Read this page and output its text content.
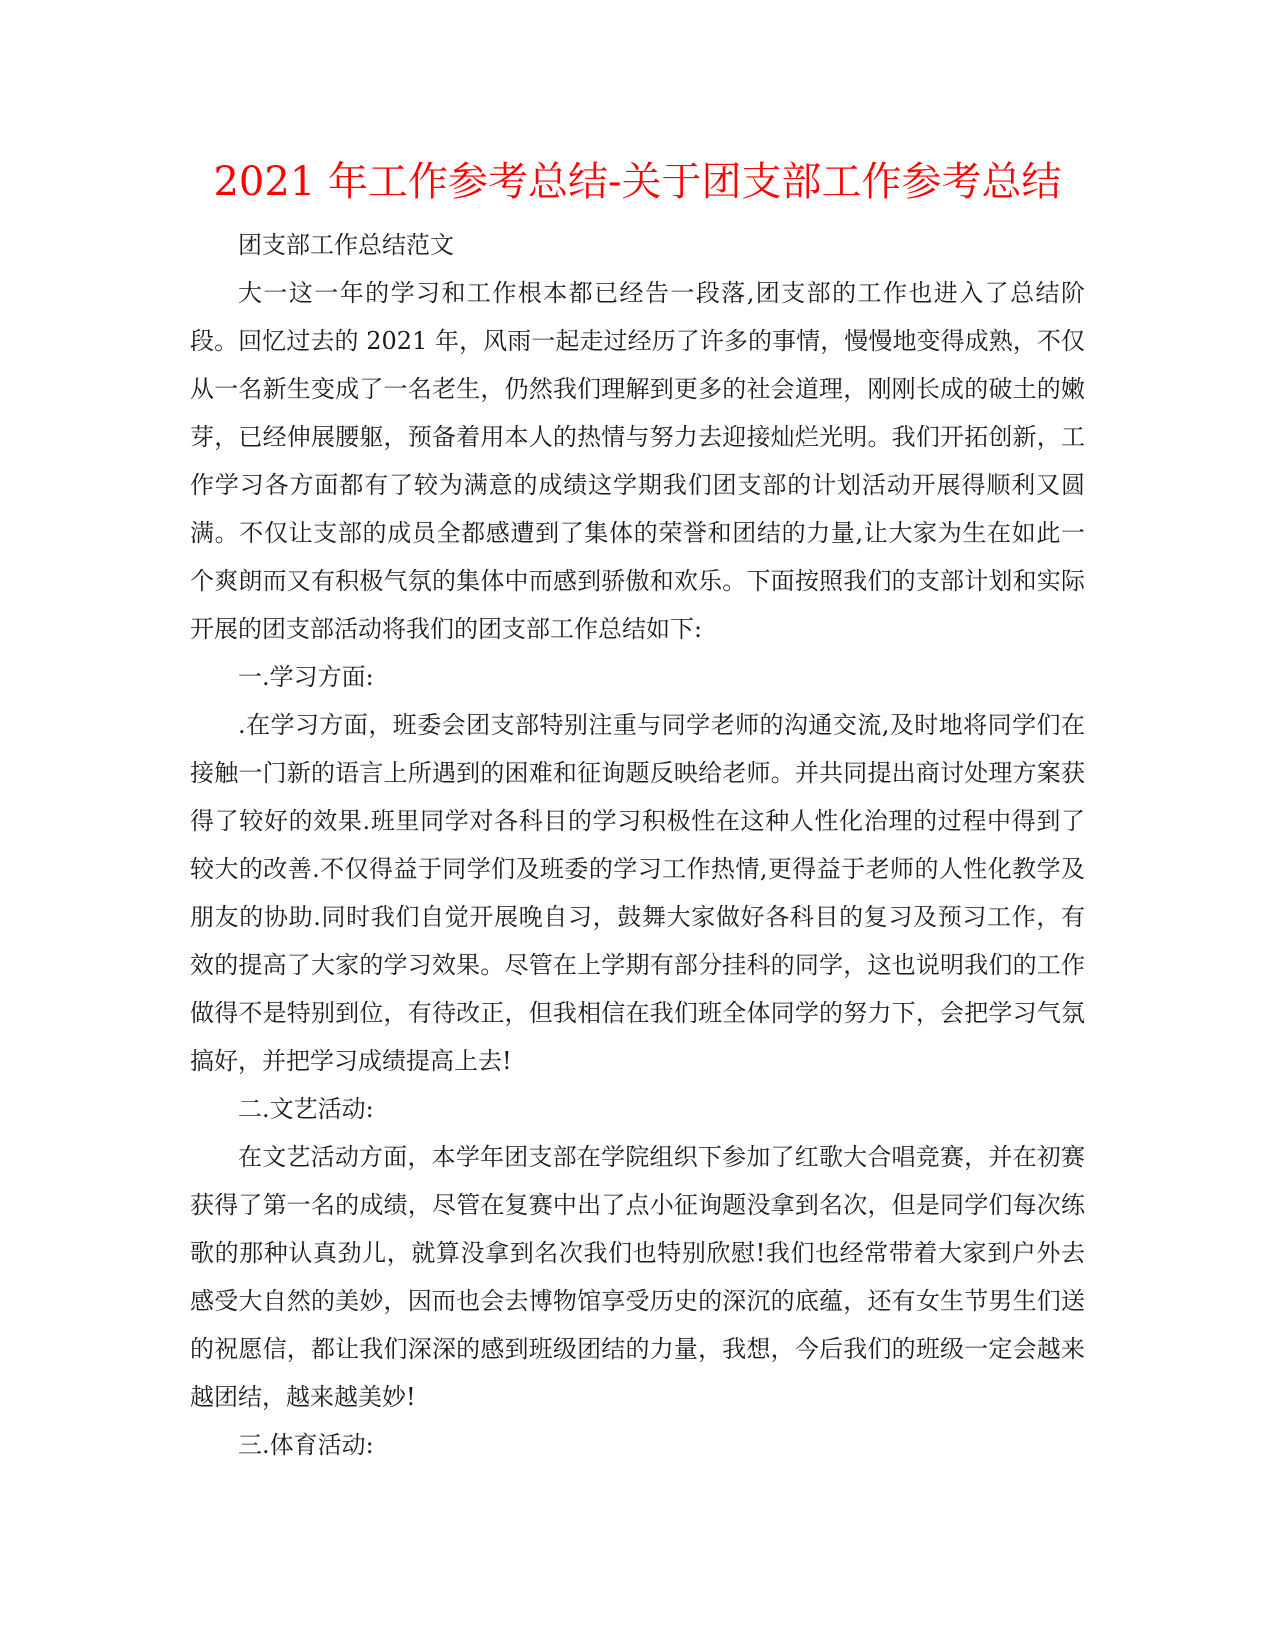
2021 年工作参考总结-关于团支部工作参考总结

团支部工作总结范文

大一这一年的学习和工作根本都已经告一段落,团支部的工作也进入了总结阶段。回忆过去的 2021 年，风雨一起走过经历了许多的事情，慢慢地变得成熟，不仅从一名新生变成了一名老生，仍然我们理解到更多的社会道理，刚刚长成的破土的嫩芽，已经伸展腰躯，预备着用本人的热情与努力去迎接灿烂光明。我们开拓创新，工作学习各方面都有了较为满意的成绩这学期我们团支部的计划活动开展得顺利又圆满。不仅让支部的成员全都感遭到了集体的荣誉和团结的力量,让大家为生在如此一个爽朗而又有积极气氛的集体中而感到骄傲和欢乐。下面按照我们的支部计划和实际开展的团支部活动将我们的团支部工作总结如下:

一.学习方面:

.在学习方面，班委会团支部特别注重与同学老师的沟通交流,及时地将同学们在接触一门新的语言上所遇到的困难和征询题反映给老师。并共同提出商讨处理方案获得了较好的效果.班里同学对各科目的学习积极性在这种人性化治理的过程中得到了较大的改善.不仅得益于同学们及班委的学习工作热情,更得益于老师的人性化教学及朋友的协助.同时我们自觉开展晚自习，鼓舞大家做好各科目的复习及预习工作，有效的提高了大家的学习效果。尽管在上学期有部分挂科的同学，这也说明我们的工作做得不是特别到位，有待改正，但我相信在我们班全体同学的努力下，会把学习气氛搞好，并把学习成绩提高上去!

二.文艺活动:

在文艺活动方面，本学年团支部在学院组织下参加了红歌大合唱竞赛，并在初赛获得了第一名的成绩，尽管在复赛中出了点小征询题没拿到名次，但是同学们每次练歌的那种认真劲儿，就算没拿到名次我们也特别欣慰!我们也经常带着大家到户外去感受大自然的美妙，因而也会去博物馆享受历史的深沉的底蕴，还有女生节男生们送的祝愿信，都让我们深深的感到班级团结的力量，我想，今后我们的班级一定会越来越团结，越来越美妙!

三.体育活动:
